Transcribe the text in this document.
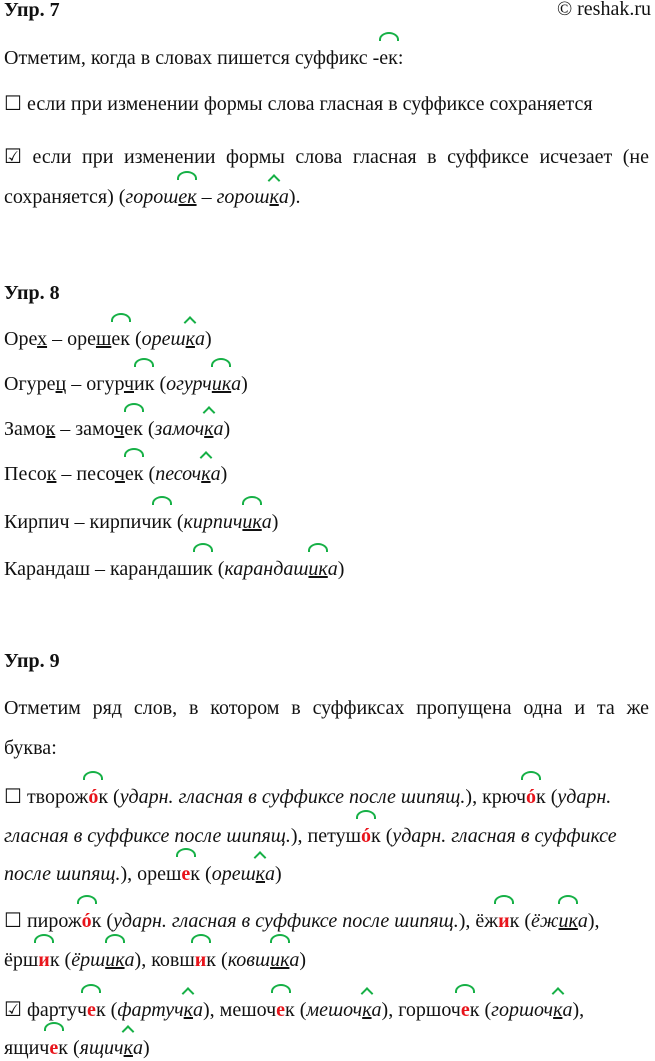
© reshak.ru
Упр. 7
Отметим, когда в словах пишется суффикс -ек:
☐ если при изменении формы слова гласная в суффиксе сохраняется
☑ если при изменении формы слова гласная в суффиксе исчезает (не
сохраняется) (горошек – горошка).
Упр. 8
Орех – орешек (орешка)
Огурец – огурчик (огурчика)
Замок – замочек (замочка)
Песок – песочек (песочка)
Кирпич – кирпичик (кирпичика)
Карандаш – карандашик (карандашика)
Упр. 9
Отметим ряд слов, в котором в суффиксах пропущена одна и та же
буква:
☐ творожóк (ударн. гласная в суффиксе после шипящ.), крючóк (ударн.
гласная в суффиксе после шипящ.), петушóк (ударн. гласная в суффиксе
после шипящ.), орешек (орешка)
☐ пирожóк (ударн. гласная в суффиксе после шипящ.), ёжик (ёжика),
ёршик (ёршика), ковшик (ковшика)
☑ фартучек (фартучка), мешочек (мешочка), горшочек (горшочка),
ящичек (ящичка)
